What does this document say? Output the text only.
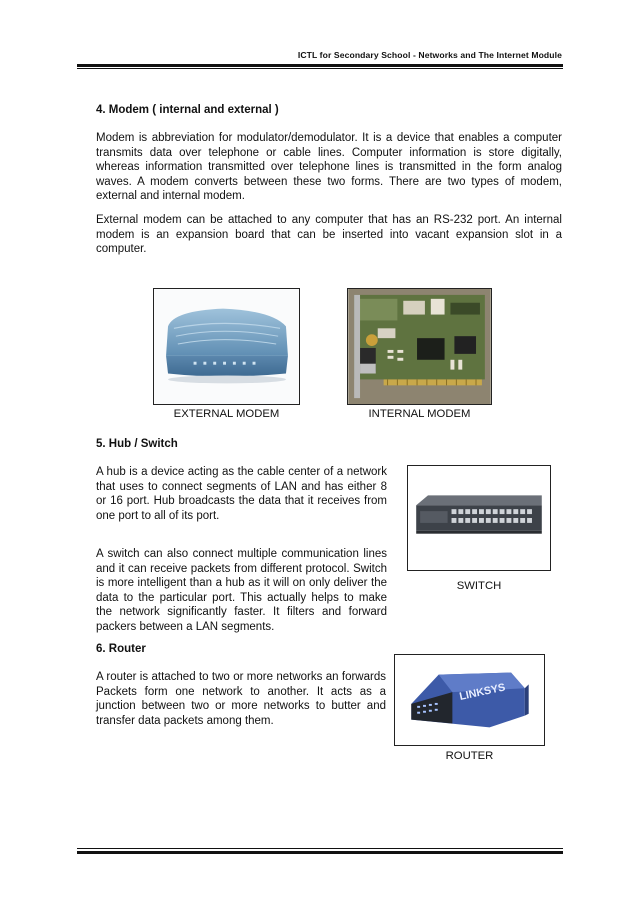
ICTL for Secondary School - Networks and The Internet Module
4. Modem ( internal and external )

Modem is abbreviation for modulator/demodulator. It is a device that enables a computer transmits data over telephone or cable lines. Computer information is store digitally, whereas information transmitted over telephone lines is transmitted in the form analog waves. A modem converts between these two forms. There are two types of modem, external and internal modem.

External modem can be attached to any computer that has an RS-232 port. An internal modem is an expansion board that can be inserted into vacant expansion slot in a computer.

EXTERNAL MODEM	INTERNAL MODEM
5. Hub / Switch

A hub is a device acting as the cable center of a network that uses to connect segments of LAN and has either 8 or 16 port. Hub broadcasts the data that it receives from one port to all of its port.

A switch can also connect multiple communication lines and it can receive packets from different protocol. Switch is more intelligent than a hub as it will on only deliver the data to the particular port. This actually helps to make the network significantly faster. It filters and forward packers between a LAN segments.

SWITCH
6. Router

A router is attached to two or more networks an forwards Packets form one network to another. It acts as a junction between two or more networks to butter and transfer data packets among them.

LINKSYS
ROUTER
